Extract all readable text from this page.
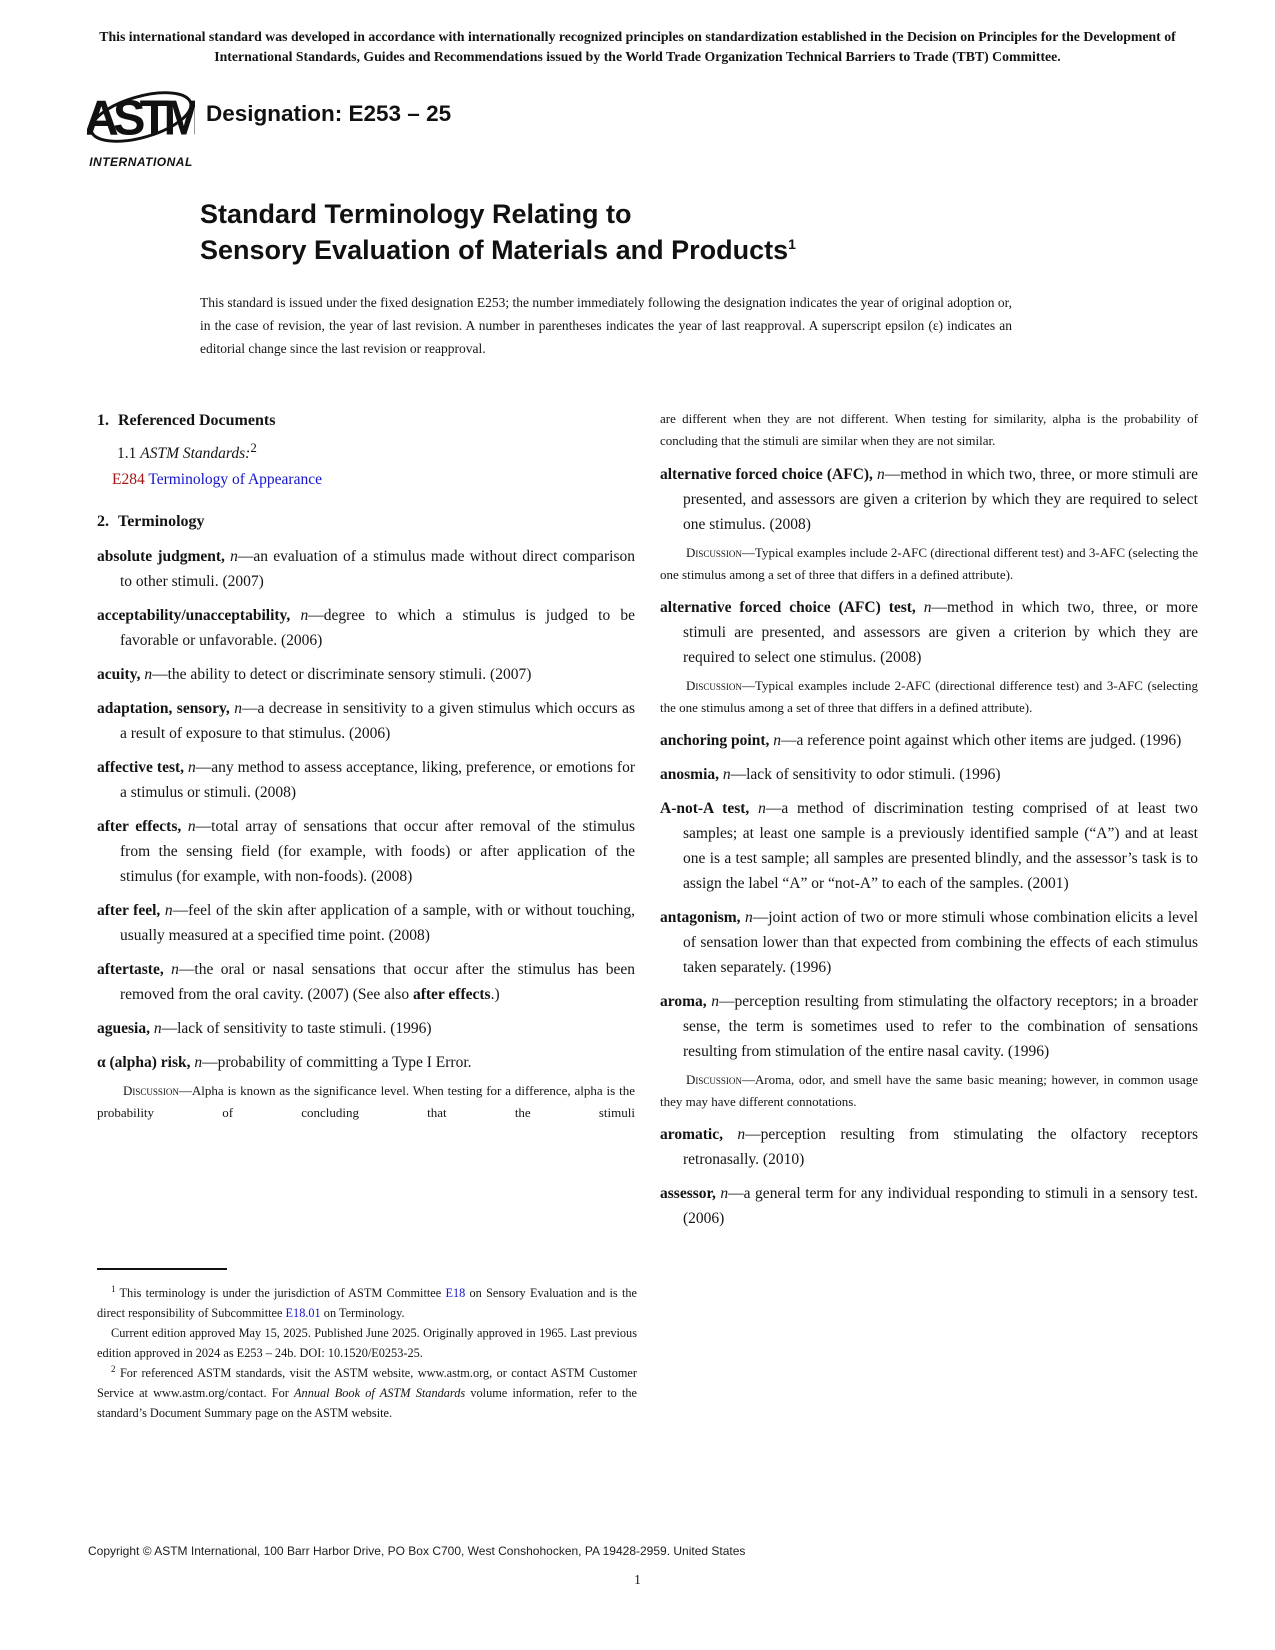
This international standard was developed in accordance with internationally recognized principles on standardization established in the Decision on Principles for the Development of International Standards, Guides and Recommendations issued by the World Trade Organization Technical Barriers to Trade (TBT) Committee.
ASTM
INTERNATIONAL
Designation: E253 – 25
Standard Terminology Relating to
Sensory Evaluation of Materials and Products$^1$
This standard is issued under the fixed designation E253; the number immediately following the designation indicates the year of original adoption or, in the case of revision, the year of last revision. A number in parentheses indicates the year of last reapproval. A superscript epsilon (ε) indicates an editorial change since the last revision or reapproval.
1. Referenced Documents

1.1 ASTM Standards:$^2$

E284 Terminology of Appearance

2. Terminology

absolute judgment, n—an evaluation of a stimulus made without direct comparison to other stimuli. (2007)

acceptability/unacceptability, n—degree to which a stimulus is judged to be favorable or unfavorable. (2006)

acuity, n—the ability to detect or discriminate sensory stimuli. (2007)

adaptation, sensory, n—a decrease in sensitivity to a given stimulus which occurs as a result of exposure to that stimulus. (2006)

affective test, n—any method to assess acceptance, liking, preference, or emotions for a stimulus or stimuli. (2008)

after effects, n—total array of sensations that occur after removal of the stimulus from the sensing field (for example, with foods) or after application of the stimulus (for example, with non-foods). (2008)

after feel, n—feel of the skin after application of a sample, with or without touching, usually measured at a specified time point. (2008)

aftertaste, n—the oral or nasal sensations that occur after the stimulus has been removed from the oral cavity. (2007) (See also after effects.)

aguesia, n—lack of sensitivity to taste stimuli. (1996)

α (alpha) risk, n—probability of committing a Type I Error.

Discussion—Alpha is known as the significance level. When testing for a difference, alpha is the probability of concluding that the stimuli

are different when they are not different. When testing for similarity, alpha is the probability of concluding that the stimuli are similar when they are not similar.

alternative forced choice (AFC), n—method in which two, three, or more stimuli are presented, and assessors are given a criterion by which they are required to select one stimulus. (2008)

Discussion—Typical examples include 2-AFC (directional different test) and 3-AFC (selecting the one stimulus among a set of three that differs in a defined attribute).

alternative forced choice (AFC) test, n—method in which two, three, or more stimuli are presented, and assessors are given a criterion by which they are required to select one stimulus. (2008)

Discussion—Typical examples include 2-AFC (directional difference test) and 3-AFC (selecting the one stimulus among a set of three that differs in a defined attribute).

anchoring point, n—a reference point against which other items are judged. (1996)

anosmia, n—lack of sensitivity to odor stimuli. (1996)

A-not-A test, n—a method of discrimination testing comprised of at least two samples; at least one sample is a previously identified sample (“A”) and at least one is a test sample; all samples are presented blindly, and the assessor’s task is to assign the label “A” or “not-A” to each of the samples. (2001)

antagonism, n—joint action of two or more stimuli whose combination elicits a level of sensation lower than that expected from combining the effects of each stimulus taken separately. (1996)

aroma, n—perception resulting from stimulating the olfactory receptors; in a broader sense, the term is sometimes used to refer to the combination of sensations resulting from stimulation of the entire nasal cavity. (1996)

Discussion—Aroma, odor, and smell have the same basic meaning; however, in common usage they may have different connotations.

aromatic, n—perception resulting from stimulating the olfactory receptors retronasally. (2010)

assessor, n—a general term for any individual responding to stimuli in a sensory test. (2006)

$^1$ This terminology is under the jurisdiction of ASTM Committee E18 on Sensory Evaluation and is the direct responsibility of Subcommittee E18.01 on Terminology.

Current edition approved May 15, 2025. Published June 2025. Originally approved in 1965. Last previous edition approved in 2024 as E253 – 24b. DOI: 10.1520/E0253-25.

$^2$ For referenced ASTM standards, visit the ASTM website, www.astm.org, or contact ASTM Customer Service at www.astm.org/contact. For Annual Book of ASTM Standards volume information, refer to the standard’s Document Summary page on the ASTM website.

Copyright © ASTM International, 100 Barr Harbor Drive, PO Box C700, West Conshohocken, PA 19428-2959. United States
1
